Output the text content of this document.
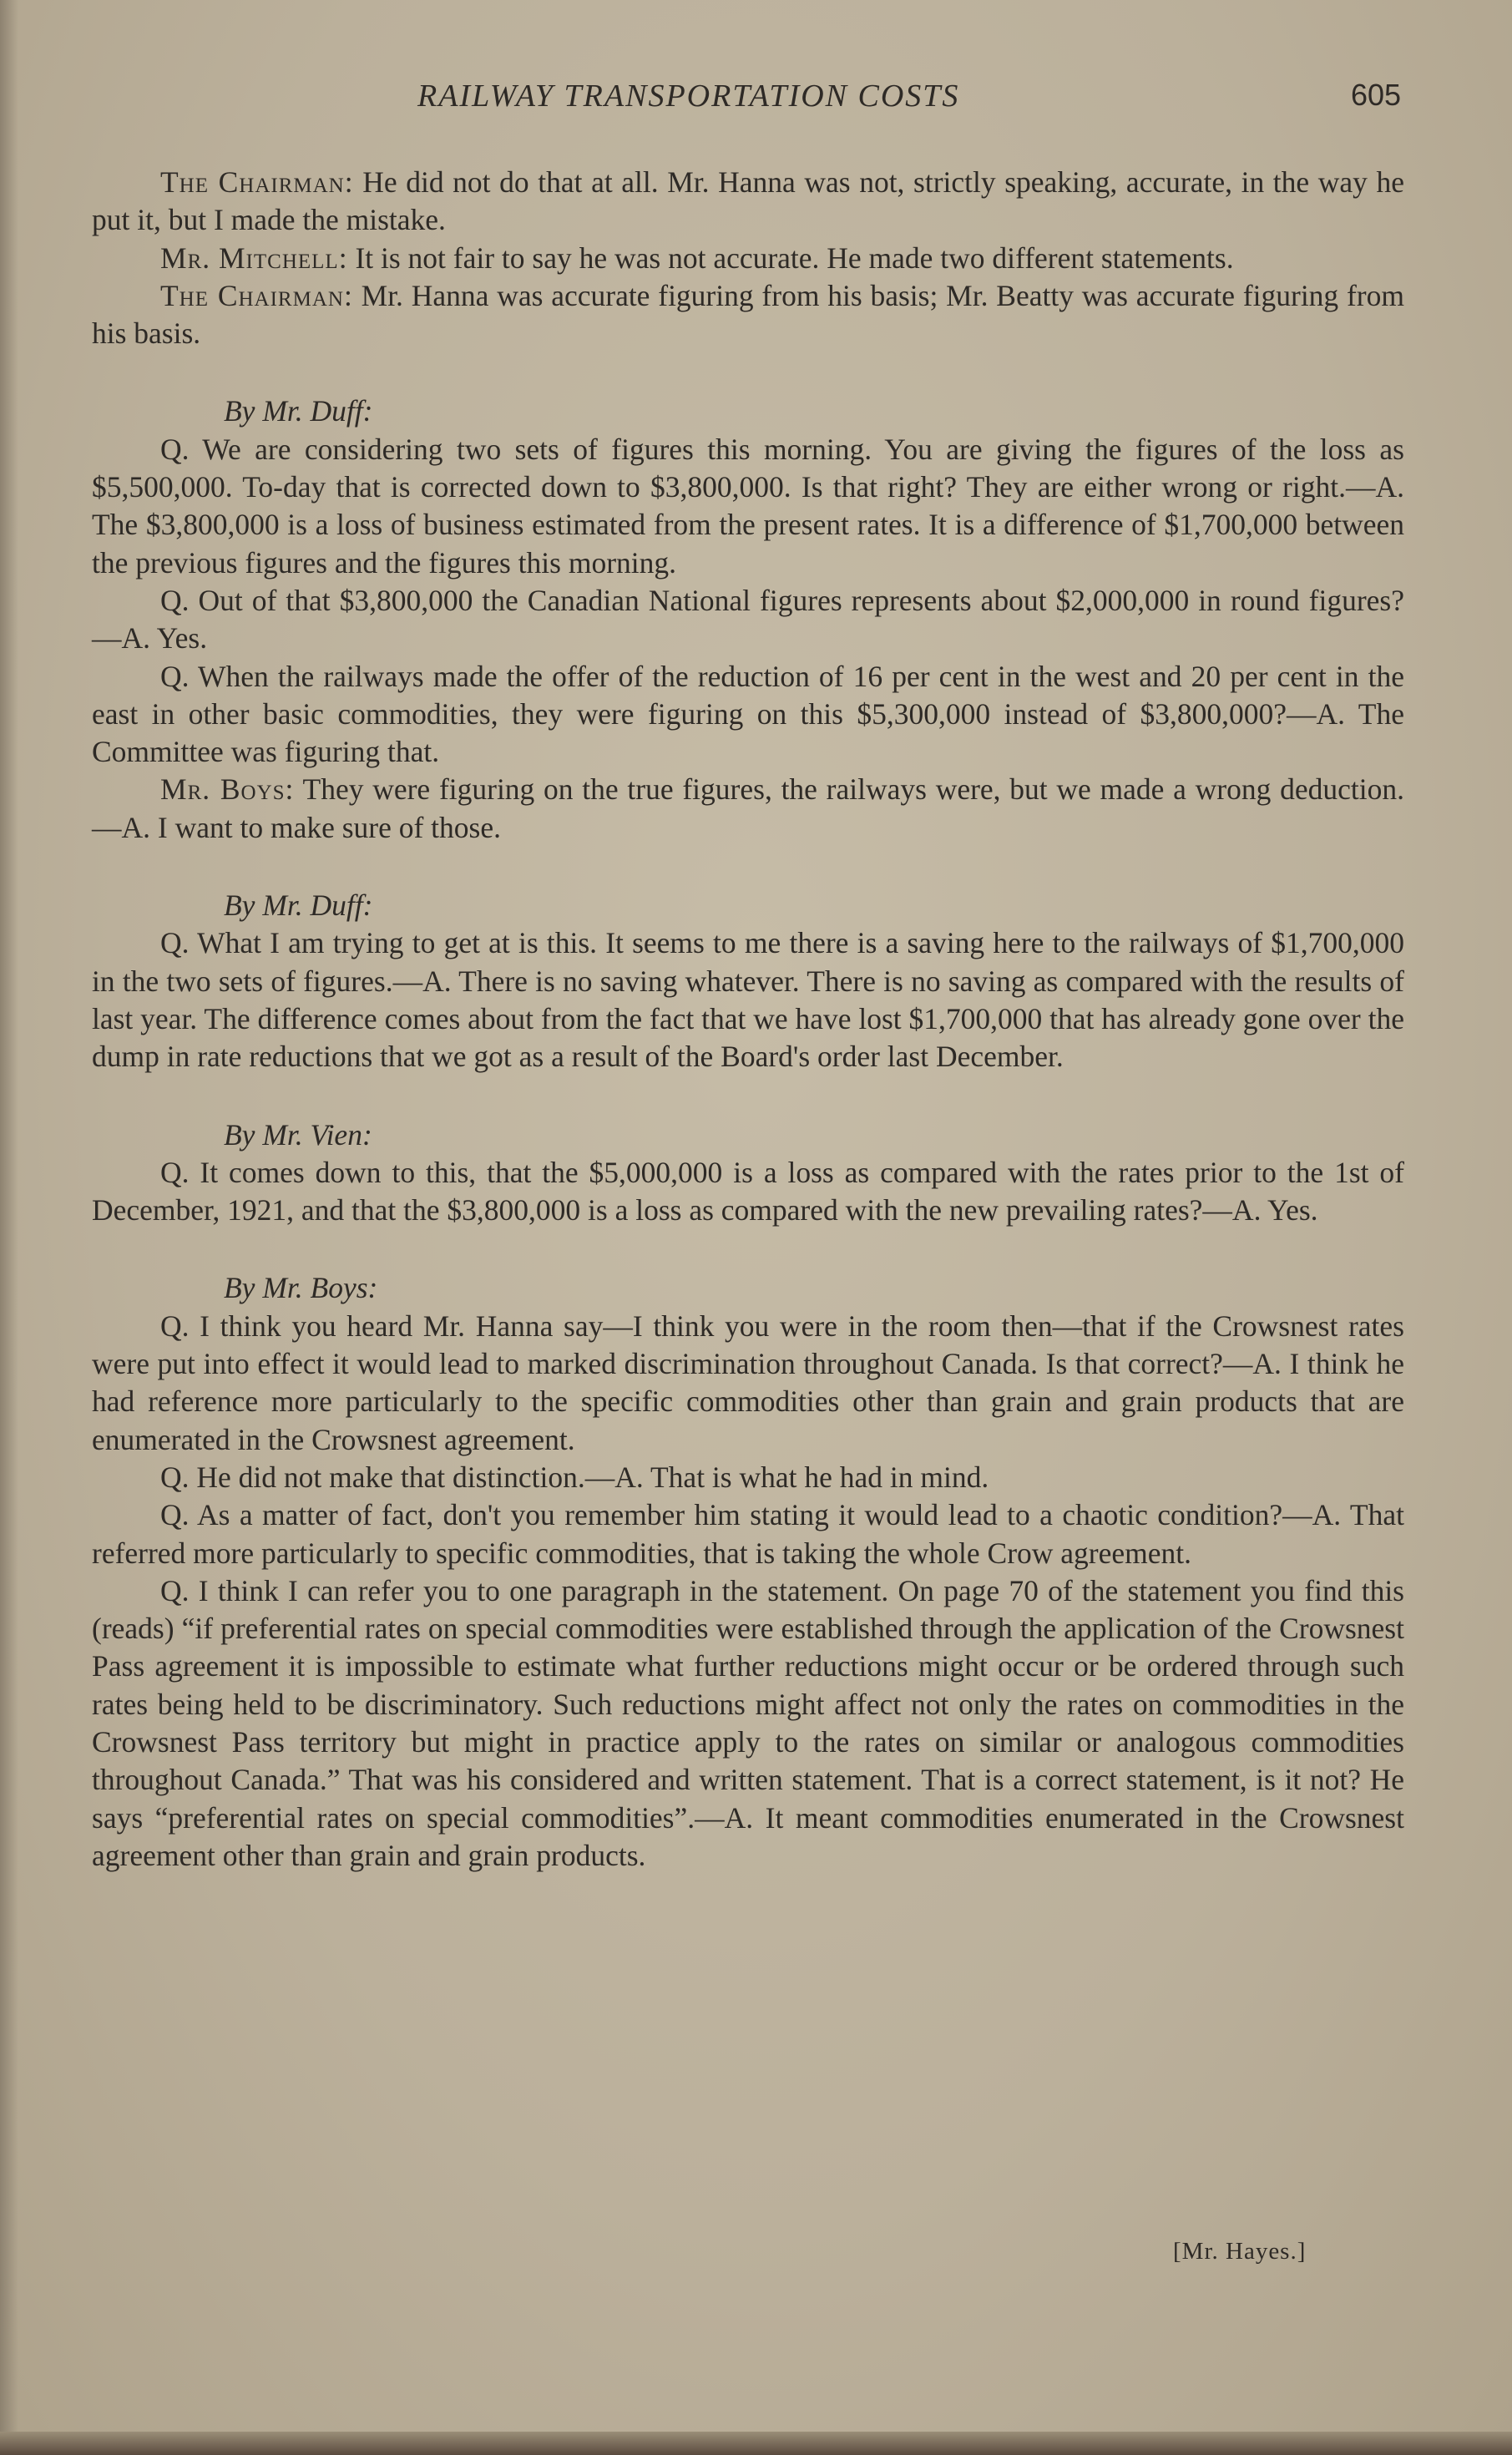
RAILWAY TRANSPORTATION COSTS	605

The Chairman: He did not do that at all. Mr. Hanna was not, strictly speaking, accurate, in the way he put it, but I made the mistake.

Mr. Mitchell: It is not fair to say he was not accurate. He made two different statements.

The Chairman: Mr. Hanna was accurate figuring from his basis; Mr. Beatty was accurate figuring from his basis.

By Mr. Duff:

Q. We are considering two sets of figures this morning. You are giving the figures of the loss as $5,500,000. To-day that is corrected down to $3,800,000. Is that right? They are either wrong or right.—A. The $3,800,000 is a loss of business estimated from the present rates. It is a difference of $1,700,000 between the previous figures and the figures this morning.

Q. Out of that $3,800,000 the Canadian National figures represents about $2,000,000 in round figures?—A. Yes.

Q. When the railways made the offer of the reduction of 16 per cent in the west and 20 per cent in the east in other basic commodities, they were figuring on this $5,300,000 instead of $3,800,000?—A. The Committee was figuring that.

Mr. Boys: They were figuring on the true figures, the railways were, but we made a wrong deduction.—A. I want to make sure of those.

By Mr. Duff:

Q. What I am trying to get at is this. It seems to me there is a saving here to the railways of $1,700,000 in the two sets of figures.—A. There is no saving whatever. There is no saving as compared with the results of last year. The difference comes about from the fact that we have lost $1,700,000 that has already gone over the dump in rate reductions that we got as a result of the Board's order last December.

By Mr. Vien:

Q. It comes down to this, that the $5,000,000 is a loss as compared with the rates prior to the 1st of December, 1921, and that the $3,800,000 is a loss as compared with the new prevailing rates?—A. Yes.

By Mr. Boys:

Q. I think you heard Mr. Hanna say—I think you were in the room then—that if the Crowsnest rates were put into effect it would lead to marked discrimination throughout Canada. Is that correct?—A. I think he had reference more particularly to the specific commodities other than grain and grain products that are enumerated in the Crowsnest agreement.

Q. He did not make that distinction.—A. That is what he had in mind.

Q. As a matter of fact, don't you remember him stating it would lead to a chaotic condition?—A. That referred more particularly to specific commodities, that is taking the whole Crow agreement.

Q. I think I can refer you to one paragraph in the statement. On page 70 of the statement you find this (reads) “if preferential rates on special commodities were established through the application of the Crowsnest Pass agreement it is impossible to estimate what further reductions might occur or be ordered through such rates being held to be discriminatory. Such reductions might affect not only the rates on commodities in the Crowsnest Pass territory but might in practice apply to the rates on similar or analogous commodities throughout Canada.” That was his considered and written statement. That is a correct statement, is it not? He says “preferential rates on special commodities”.—A. It meant commodities enumerated in the Crowsnest agreement other than grain and grain products.

[Mr. Hayes.]
